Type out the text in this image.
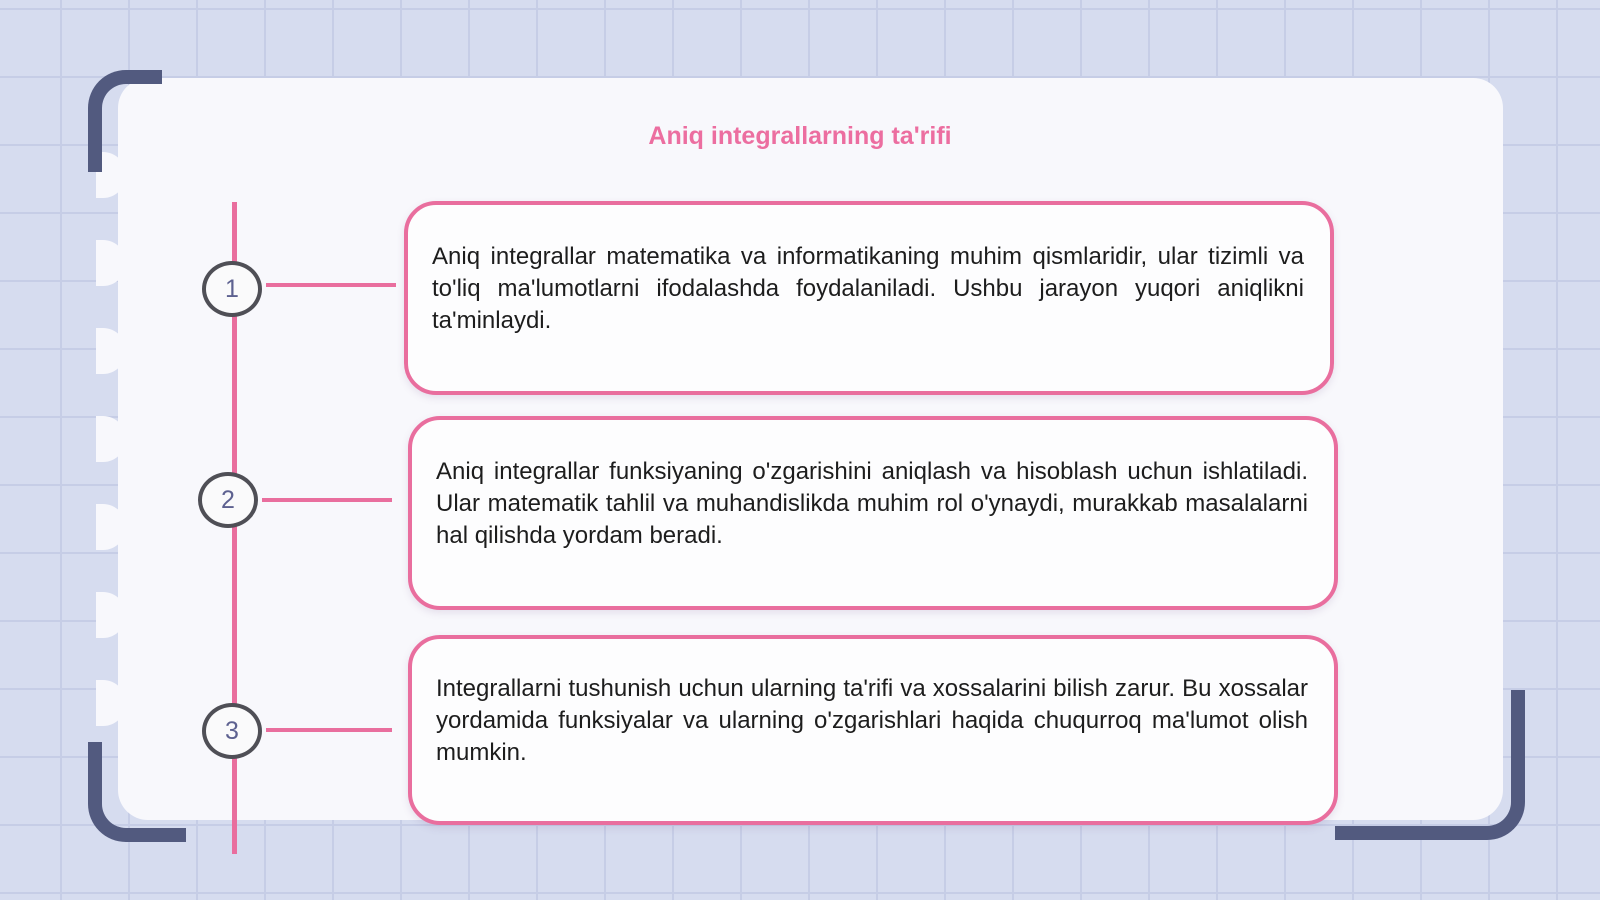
Aniq integrallarning ta'rifi
1
2
3

Aniq integrallar matematika va informatikaning muhim qismlaridir, ular tizimli va to'liq ma'lumotlarni ifodalashda foydalaniladi. Ushbu jarayon yuqori aniqlikni ta'minlaydi.

Aniq integrallar funksiyaning o'zgarishini aniqlash va hisoblash uchun ishlatiladi. Ular matematik tahlil va muhandislikda muhim rol o'ynaydi, murakkab masalalarni hal qilishda yordam beradi.

Integrallarni tushunish uchun ularning ta'rifi va xossalarini bilish zarur. Bu xossalar yordamida funksiyalar va ularning o'zgarishlari haqida chuqurroq ma'lumot olish mumkin.
